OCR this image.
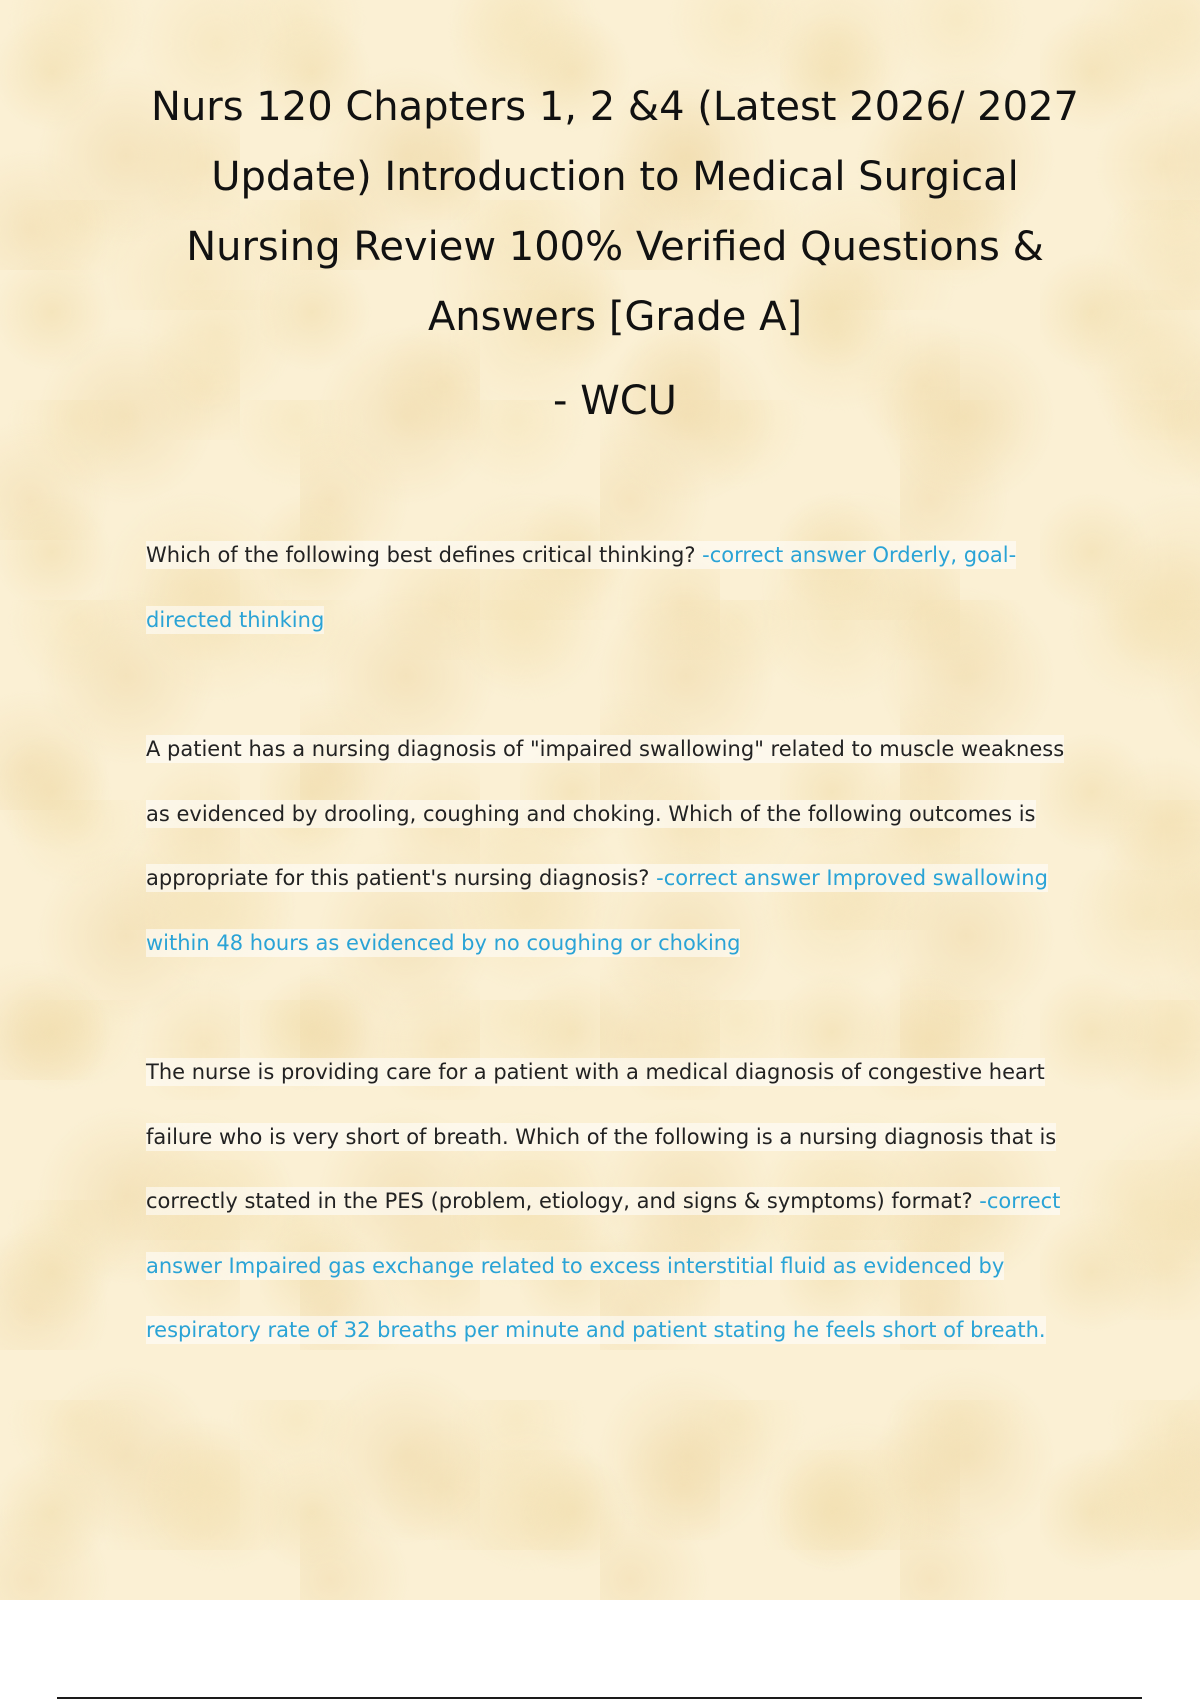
Nurs 120 Chapters 1, 2 &4 (Latest 2026/ 2027 Update) Introduction to Medical Surgical Nursing Review 100% Verified Questions & Answers [Grade A]
- WCU

Which of the following best defines critical thinking? -correct answer Orderly, goal-directed thinking

A patient has a nursing diagnosis of "impaired swallowing" related to muscle weakness as evidenced by drooling, coughing and choking. Which of the following outcomes is appropriate for this patient's nursing diagnosis? -correct answer Improved swallowing within 48 hours as evidenced by no coughing or choking

The nurse is providing care for a patient with a medical diagnosis of congestive heart failure who is very short of breath. Which of the following is a nursing diagnosis that is correctly stated in the PES (problem, etiology, and signs & symptoms) format? -correct answer Impaired gas exchange related to excess interstitial fluid as evidenced by respiratory rate of 32 breaths per minute and patient stating he feels short of breath.
